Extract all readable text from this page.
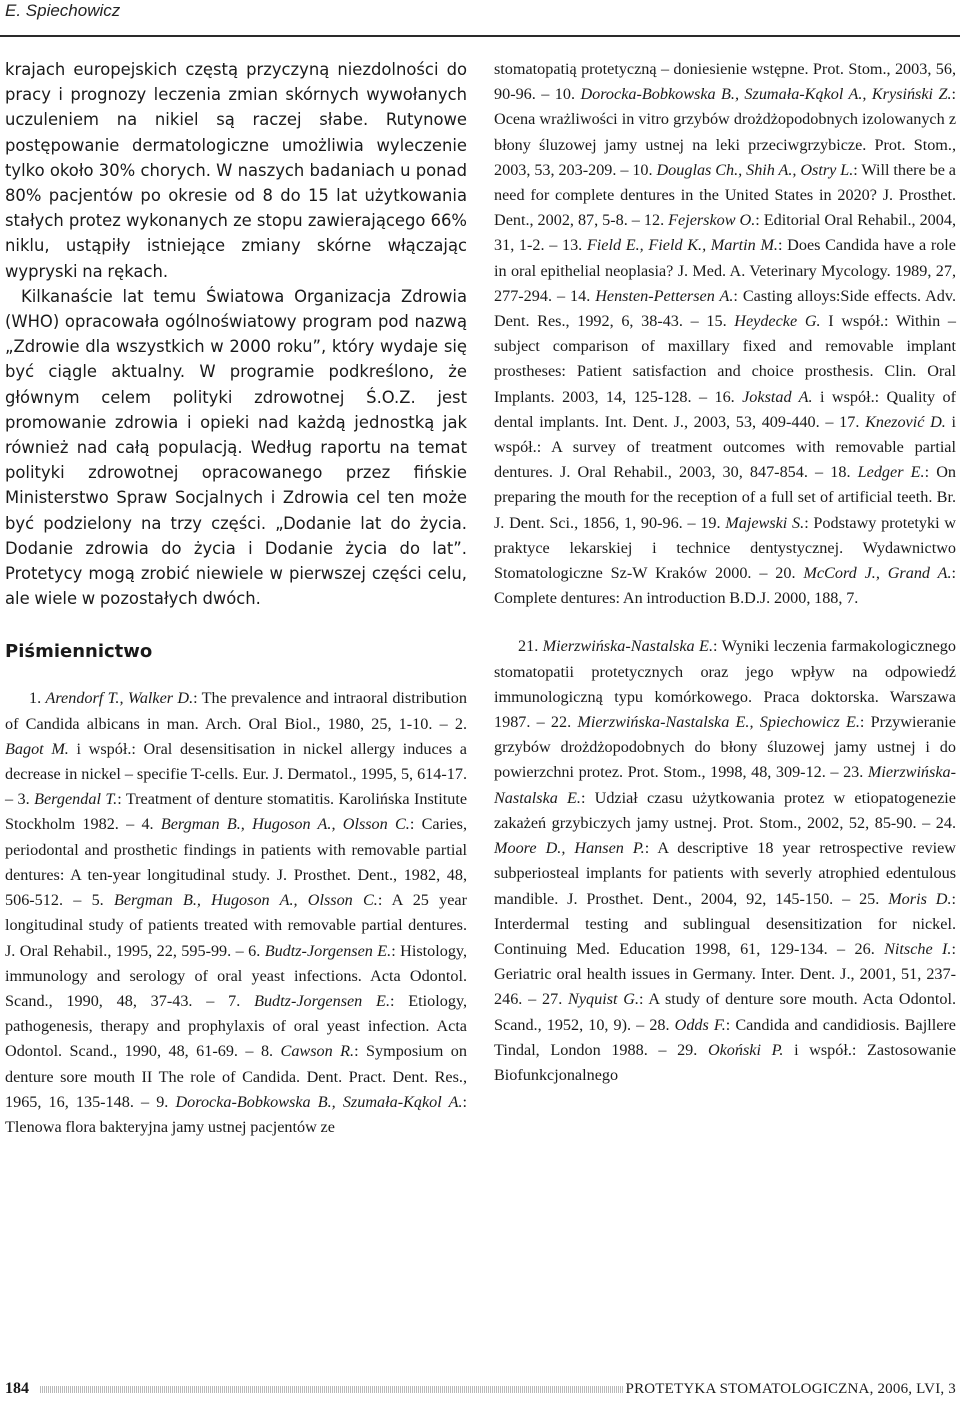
E. Spiechowicz

krajach europejskich częstą przyczyną niezdolności do pracy i prognozy leczenia zmian skórnych wywołanych uczuleniem na nikiel są raczej słabe. Rutynowe postępowanie dermatologiczne umożliwia wyleczenie tylko około 30% chorych. W naszych badaniach u ponad 80% pacjentów po okresie od 8 do 15 lat użytkowania stałych protez wykonanych ze stopu zawierającego 66% niklu, ustąpiły istniejące zmiany skórne włączając wypryski na rękach.

Kilkanaście lat temu Światowa Organizacja Zdrowia (WHO) opracowała ogólnoświatowy program pod nazwą „Zdrowie dla wszystkich w 2000 roku”, który wydaje się być ciągle aktualny. W programie podkreślono, że głównym celem polityki zdrowotnej Ś.O.Z. jest promowanie zdrowia i opieki nad każdą jednostką jak również nad całą populacją. Według raportu na temat polityki zdrowotnej opracowanego przez fińskie Ministerstwo Spraw Socjalnych i Zdrowia cel ten może być podzielony na trzy części. „Dodanie lat do życia. Dodanie zdrowia do życia i Dodanie życia do lat”. Protetycy mogą zrobić niewiele w pierwszej części celu, ale wiele w pozostałych dwóch.

Piśmiennictwo

1. Arendorf T., Walker D.: The prevalence and intraoral distribution of Candida albicans in man. Arch. Oral Biol., 1980, 25, 1-10. – 2. Bagot M. i współ.: Oral desensitisation in nickel allergy induces a decrease in nickel – specifie T-cells. Eur. J. Dermatol., 1995, 5, 614-17. – 3. Bergendal T.: Treatment of denture stomatitis. Karolińska Institute Stockholm 1982. – 4. Bergman B., Hugoson A., Olsson C.: Caries, periodontal and prosthetic findings in patients with removable partial dentures: A ten-year longitudinal study. J. Prosthet. Dent., 1982, 48, 506-512. – 5. Bergman B., Hugoson A., Olsson C.: A 25 year longitudinal study of patients treated with removable partial dentures. J. Oral Rehabil., 1995, 22, 595-99. – 6. Budtz-Jorgensen E.: Histology, immunology and serology of oral yeast infections. Acta Odontol. Scand., 1990, 48, 37-43. – 7. Budtz-Jorgensen E.: Etiology, pathogenesis, therapy and prophylaxis of oral yeast infection. Acta Odontol. Scand., 1990, 48, 61-69. – 8. Cawson R.: Symposium on denture sore mouth II The role of Candida. Dent. Pract. Dent. Res., 1965, 16, 135-148. – 9. Dorocka-Bobkowska B., Szumała-Kąkol A.: Tlenowa flora bakteryjna jamy ustnej pacjentów ze

stomatopatią protetyczną – doniesienie wstępne. Prot. Stom., 2003, 56, 90-96. – 10. Dorocka-Bobkowska B., Szumała-Kąkol A., Krysiński Z.: Ocena wrażliwości in vitro grzybów drożdżopodobnych izolowanych z błony śluzowej jamy ustnej na leki przeciwgrzybicze. Prot. Stom., 2003, 53, 203-209. – 10. Douglas Ch., Shih A., Ostry L.: Will there be a need for complete dentures in the United States in 2020? J. Prosthet. Dent., 2002, 87, 5-8. – 12. Fejerskow O.: Editorial Oral Rehabil., 2004, 31, 1-2. – 13. Field E., Field K., Martin M.: Does Candida have a role in oral epithelial neoplasia? J. Med. A. Veterinary Mycology. 1989, 27, 277-294. – 14. Hensten-Pettersen A.: Casting alloys:Side effects. Adv. Dent. Res., 1992, 6, 38-43. – 15. Heydecke G. I współ.: Within – subject comparison of maxillary fixed and removable implant prostheses: Patient satisfaction and choice prosthesis. Clin. Oral Implants. 2003, 14, 125-128. – 16. Jokstad A. i współ.: Quality of dental implants. Int. Dent. J., 2003, 53, 409-440. – 17. Knezović D. i współ.: A survey of treatment outcomes with removable partial dentures. J. Oral Rehabil., 2003, 30, 847-854. – 18. Ledger E.: On preparing the mouth for the reception of a full set of artificial teeth. Br. J. Dent. Sci., 1856, 1, 90-96. – 19. Majewski S.: Podstawy protetyki w praktyce lekarskiej i technice dentystycznej. Wydawnictwo Stomatologiczne Sz-W Kraków 2000. – 20. McCord J., Grand A.: Complete dentures: An introduction B.D.J. 2000, 188, 7.

21. Mierzwińska-Nastalska E.: Wyniki leczenia farmakologicznego stomatopatii protetycznych oraz jego wpływ na odpowiedź immunologiczną typu komórkowego. Praca doktorska. Warszawa 1987. – 22. Mierzwińska-Nastalska E., Spiechowicz E.: Przywieranie grzybów drożdżopodobnych do błony śluzowej jamy ustnej i do powierzchni protez. Prot. Stom., 1998, 48, 309-12. – 23. Mierzwińska-Nastalska E.: Udział czasu użytkowania protez w etiopatogenezie zakażeń grzybiczych jamy ustnej. Prot. Stom., 2002, 52, 85-90. – 24. Moore D., Hansen P.: A descriptive 18 year retrospective review subperiosteal implants for patients with severly atrophied edentulous mandible. J. Prosthet. Dent., 2004, 92, 145-150. – 25. Moris D.: Interdermal testing and sublingual desensitization for nickel. Continuing Med. Education 1998, 61, 129-134. – 26. Nitsche I.: Geriatric oral health issues in Germany. Inter. Dent. J., 2001, 51, 237-246. – 27. Nyquist G.: A study of denture sore mouth. Acta Odontol. Scand., 1952, 10, 9). – 28. Odds F.: Candida and candidiosis. Bajllere Tindal, London 1988. – 29. Okoński P. i współ.: Zastosowanie Biofunkcjonalnego

184	PROTETYKA STOMATOLOGICZNA, 2006, LVI, 3
